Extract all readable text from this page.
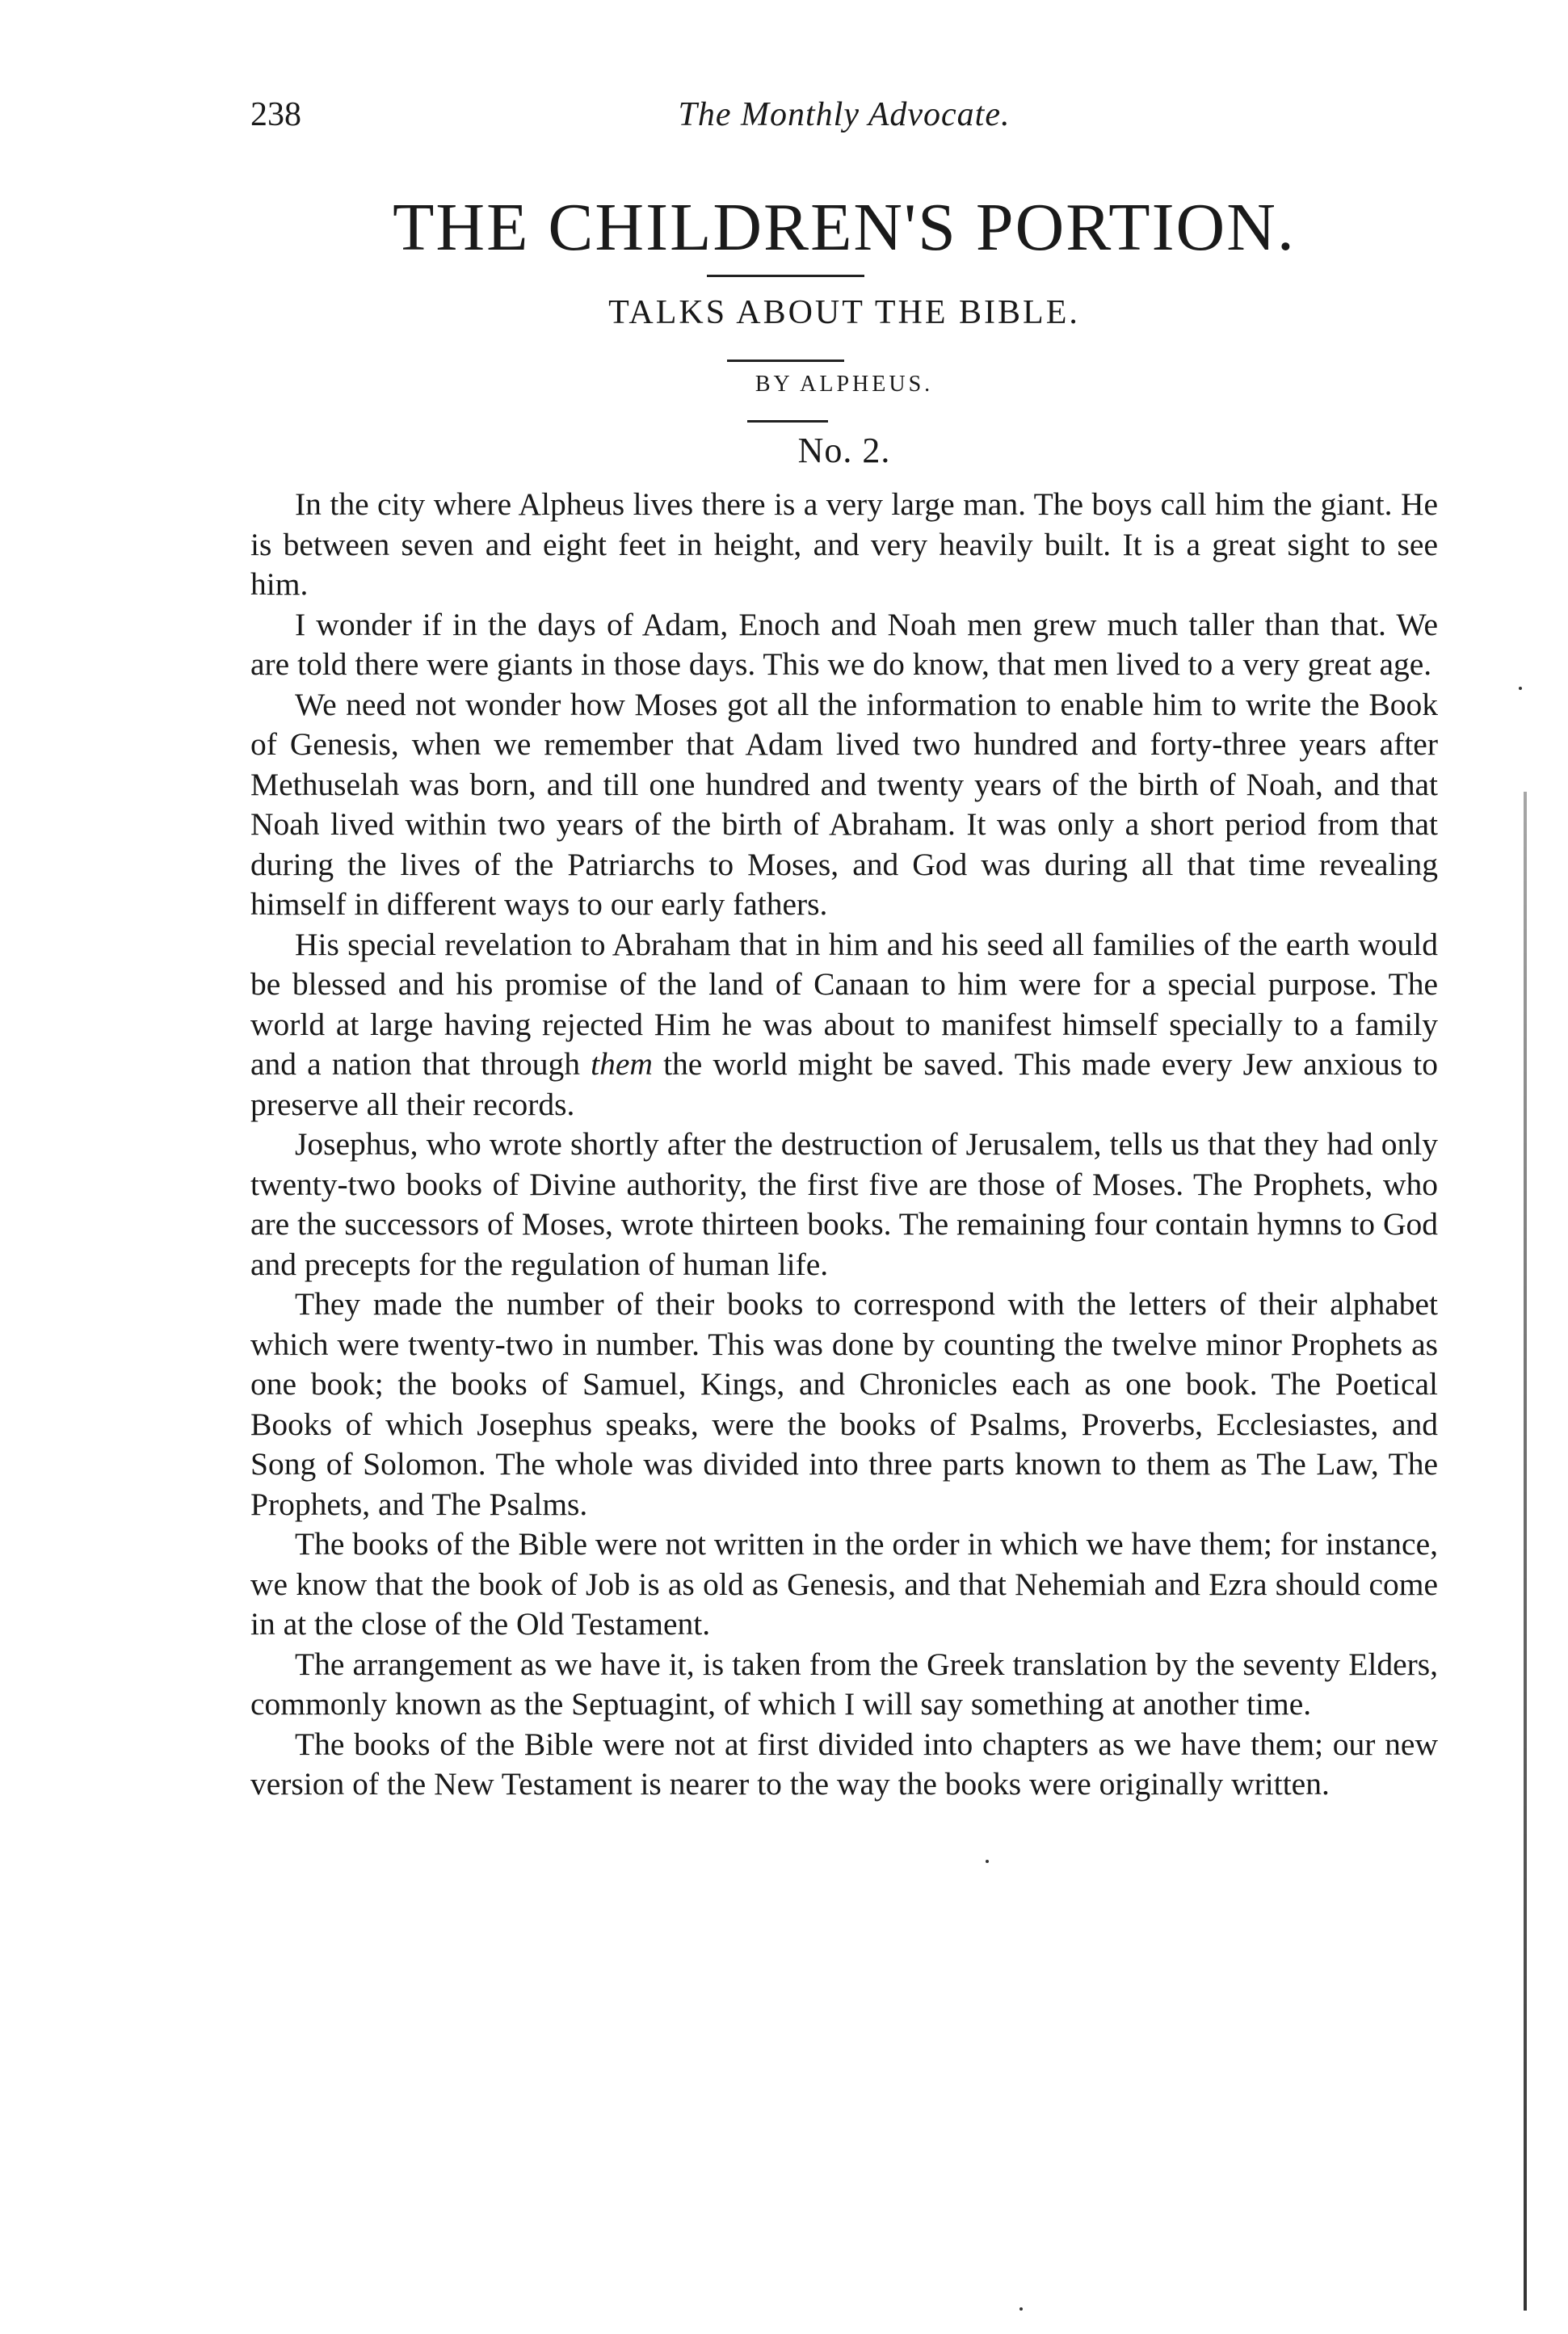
238	The Monthly Advocate.
THE CHILDREN'S PORTION.
TALKS ABOUT THE BIBLE.
BY ALPHEUS.
No. 2.

In the city where Alpheus lives there is a very large man. The boys call him the giant. He is between seven and eight feet in height, and very heavily built. It is a great sight to see him.

I wonder if in the days of Adam, Enoch and Noah men grew much taller than that. We are told there were giants in those days. This we do know, that men lived to a very great age.

We need not wonder how Moses got all the information to enable him to write the Book of Genesis, when we remember that Adam lived two hundred and forty-three years after Methuselah was born, and till one hundred and twenty years of the birth of Noah, and that Noah lived within two years of the birth of Abraham. It was only a short period from that during the lives of the Patriarchs to Moses, and God was during all that time revealing himself in different ways to our early fathers.

His special revelation to Abraham that in him and his seed all families of the earth would be blessed and his promise of the land of Canaan to him were for a special purpose. The world at large having rejected Him he was about to manifest himself specially to a family and a nation that through them the world might be saved. This made every Jew anxious to preserve all their records.

Josephus, who wrote shortly after the destruction of Jerusalem, tells us that they had only twenty-two books of Divine authority, the first five are those of Moses. The Prophets, who are the successors of Moses, wrote thirteen books. The remaining four contain hymns to God and precepts for the regulation of human life.

They made the number of their books to correspond with the letters of their alphabet which were twenty-two in number. This was done by counting the twelve minor Prophets as one book; the books of Samuel, Kings, and Chronicles each as one book. The Poetical Books of which Josephus speaks, were the books of Psalms, Proverbs, Ecclesiastes, and Song of Solomon. The whole was divided into three parts known to them as The Law, The Prophets, and The Psalms.

The books of the Bible were not written in the order in which we have them; for instance, we know that the book of Job is as old as Genesis, and that Nehemiah and Ezra should come in at the close of the Old Testament.

The arrangement as we have it, is taken from the Greek translation by the seventy Elders, commonly known as the Septuagint, of which I will say something at another time.

The books of the Bible were not at first divided into chapters as we have them; our new version of the New Testament is nearer to the way the books were originally written.
